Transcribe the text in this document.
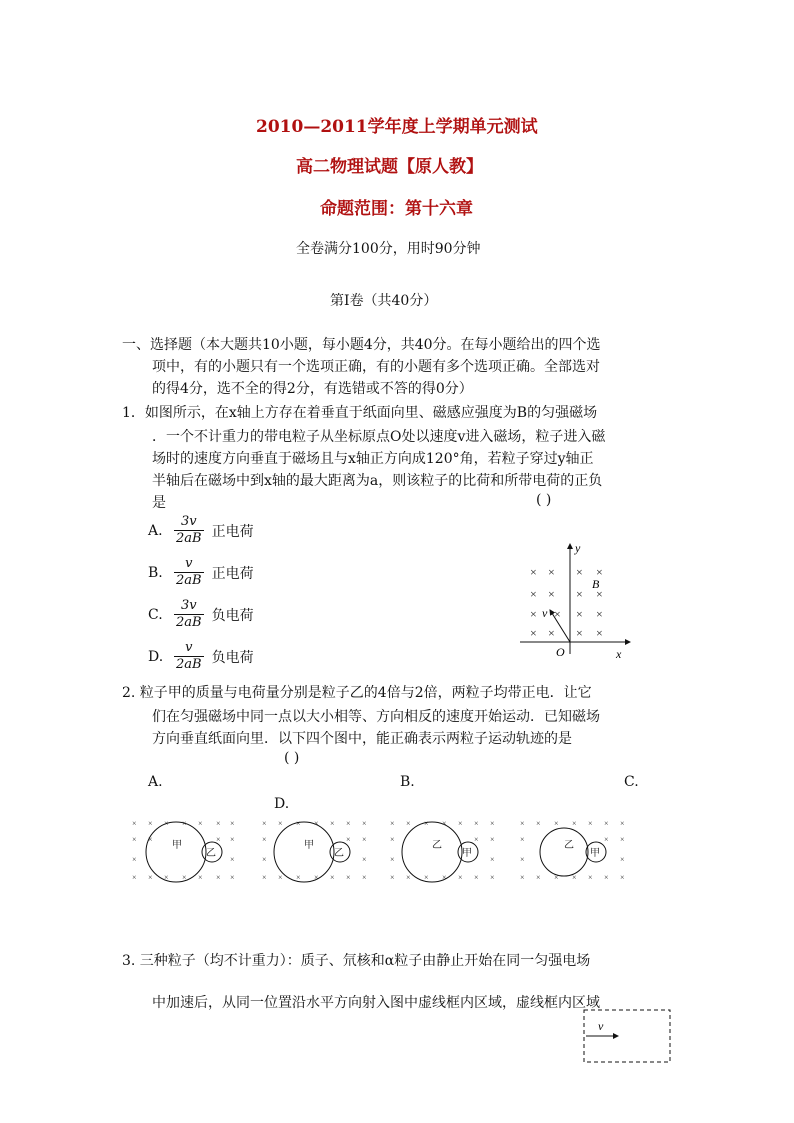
2010—2011学年度上学期单元测试
高二物理试题【原人教】
命题范围：第十六章
全卷满分100分，用时90分钟
第Ⅰ卷（共40分）
一、选择题（本大题共10小题，每小题4分，共40分。在每小题给出的四个选
项中，有的小题只有一个选项正确，有的小题有多个选项正确。全部选对
的得4分，选不全的得2分，有选错或不答的得0分）
1．如图所示，在x轴上方存在着垂直于纸面向里、磁感应强度为B的匀强磁场
．一个不计重力的带电粒子从坐标原点O处以速度v进入磁场，粒子进入磁
场时的速度方向垂直于磁场且与x轴正方向成120°角，若粒子穿过y轴正
半轴后在磁场中到x轴的最大距离为a，则该粒子的比荷和所带电荷的正负
是	( )
A. $\frac{3v}{2aB}$ 正电荷
B. $\frac{v}{2aB}$ 正电荷
C. $\frac{3v}{2aB}$ 负电荷
D. $\frac{v}{2aB}$ 负电荷
× × × ×
× × × ×
× × × ×
× × × ×
y
x
O
B
v
2. 粒子甲的质量与电荷量分别是粒子乙的4倍与2倍，两粒子均带正电．让它
们在匀强磁场中同一点以大小相等、方向相反的速度开始运动．已知磁场
方向垂直纸面向里．以下四个图中，能正确表示两粒子运动轨迹的是
( )
A.	B.	C.
D.
× × × × × × ×
× ×	× ×
×	×
× × × × × × ×
× × × × × × ×
×	× ×
×	×
× × × × × × ×
× × × × × × ×
×	× ×
×	×
× × × × × × ×
× × × × × × ×
×	× ×
×	×
× × × × × × ×
甲
乙
甲
乙
乙
甲
乙
甲
3. 三种粒子（均不计重力）：质子、氘核和α粒子由静止开始在同一匀强电场
中加速后，从同一位置沿水平方向射入图中虚线框内区域，虚线框内区域
v
